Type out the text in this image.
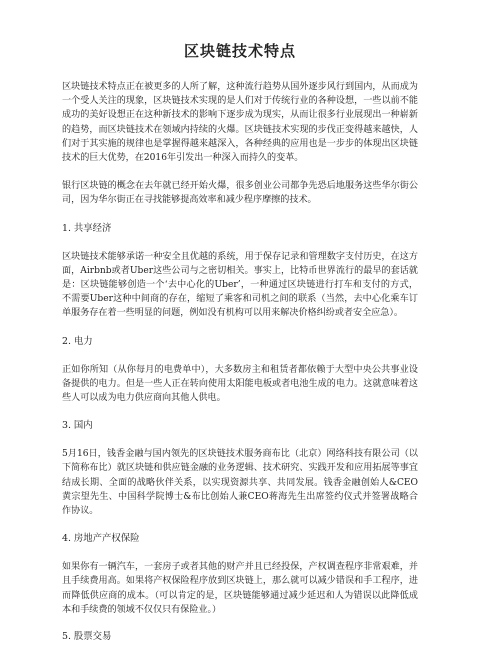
区块链技术特点

区块链技术特点正在被更多的人所了解，这种流行趋势从国外逐步风行到国内，从而成为一个受人关注的现象，区块链技术实现的是人们对于传统行业的各种设想，一些以前不能成功的美好设想正在这种新技术的影响下逐步成为现实，从而让很多行业展现出一种崭新的趋势，而区块链技术在领域内持续的火爆。区块链技术实现的步伐正变得越来越快，人们对于其实施的规律也是掌握得越来越深入，各种经典的应用也是一步步的体现出区块链技术的巨大优势，在2016年引发出一种深入而持久的变革。

银行区块链的概念在去年就已经开始火爆，很多创业公司都争先恐后地服务这些华尔街公司，因为华尔街正在寻找能够提高效率和减少程序摩擦的技术。

1. 共享经济

区块链技术能够承诺一种安全且优越的系统，用于保存记录和管理数字支付历史，在这方面，Airbnb或者Uber这些公司与之密切相关。事实上，比特币世界流行的最早的套话就是：区块链能够创造一个‘去中心化的Uber’，一种通过区块链进行打车和支付的方式，不需要Uber这种中间商的存在，缩短了乘客和司机之间的联系（当然，去中心化乘车订单服务存在着一些明显的问题，例如没有机构可以用来解决价格纠纷或者安全应急）。

2. 电力

正如你所知（从你每月的电费单中），大多数房主和租赁者都依赖于大型中央公共事业设备提供的电力。但是一些人正在转向使用太阳能电板或者电池生成的电力。这就意味着这些人可以成为电力供应商向其他人供电。

3. 国内

5月16日，钱香金融与国内领先的区块链技术服务商布比（北京）网络科技有限公司（以下简称布比）就区块链和供应链金融的业务逻辑、技术研究、实践开发和应用拓展等事宜结成长期、全面的战略伙伴关系，以实现资源共享、共同发展。钱香金融创始人&CEO黄宗望先生、中国科学院博士&布比创始人兼CEO蒋海先生出席签约仪式并签署战略合作协议。

4. 房地产产权保险

如果你有一辆汽车，一套房子或者其他的财产并且已经投保，产权调查程序非常艰难，并且手续费用高。如果将产权保险程序放到区块链上，那么就可以减少错误和手工程序，进而降低供应商的成本。（可以肯定的是，区块链能够通过减少延迟和人为错误以此降低成本和手续费的领域不仅仅只有保险业。）

5. 股票交易
